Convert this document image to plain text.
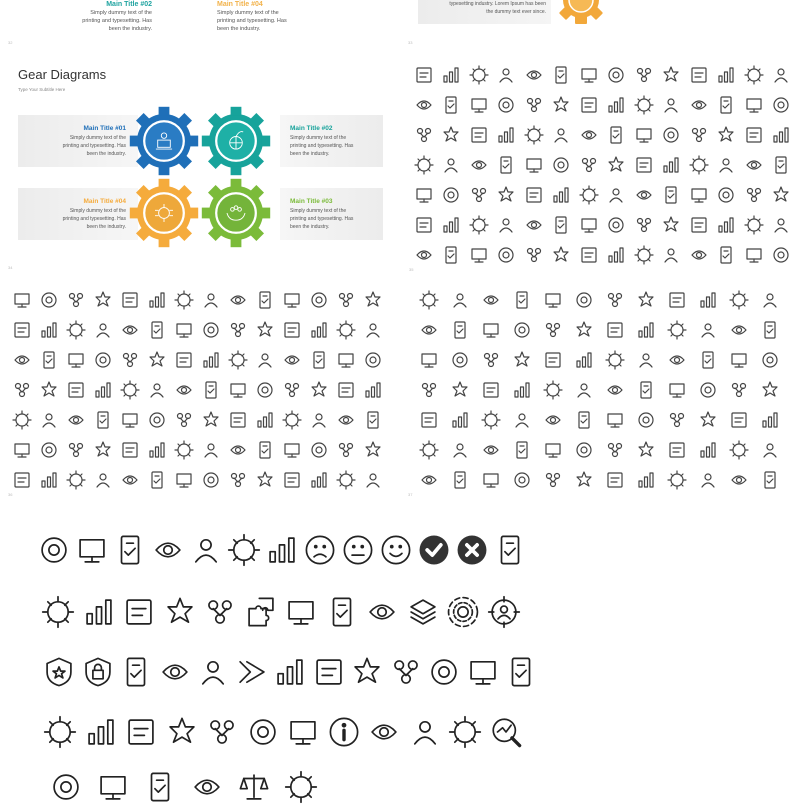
Main Title #02
Simply dummy text of the
printing and typesetting. Has
been the industry.
Main Title #04
Simply dummy text of the
printing and typesetting. Has
been the industry.
32
typesetting industry. Lorem Ipsum has been
the dummy text ever since.
33
Gear Diagrams
Type Your Subtitle Here
Main Title #01
Simply dummy text of the
printing and typesetting. Has
been the industry.
Main Title #02
Simply dummy text of the
printing and typesetting. Has
been the industry.
Main Title #04
Simply dummy text of the
printing and typesetting. Has
been the industry.
Main Title #03
Simply dummy text of the
printing and typesetting. Has
been the industry.
34	35
36	37
